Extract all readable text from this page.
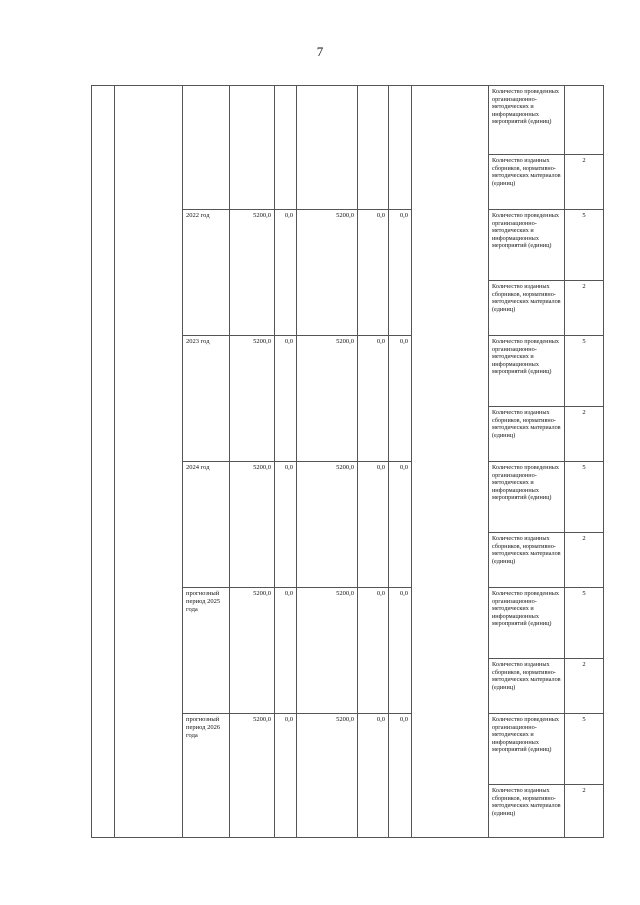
7
									Количество проведенных организационно-методических и информационных мероприятий (единиц)	
									Количество изданных сборников, нормативно-методических материалов (единиц)	2
		2022 год	5200,0	0,0	5200,0	0,0	0,0		Количество проведенных организационно-методических и информационных мероприятий (единиц)	5
									Количество изданных сборников, нормативно-методических материалов (единиц)	2
		2023 год	5200,0	0,0	5200,0	0,0	0,0		Количество проведенных организационно-методических и информационных мероприятий (единиц)	5
									Количество изданных сборников, нормативно-методических материалов (единиц)	2
		2024 год	5200,0	0,0	5200,0	0,0	0,0		Количество проведенных организационно-методических и информационных мероприятий (единиц)	5
									Количество изданных сборников, нормативно-методических материалов (единиц)	2
		прогнозный период 2025 года	5200,0	0,0	5200,0	0,0	0,0		Количество проведенных организационно-методических и информационных мероприятий (единиц)	5
									Количество изданных сборников, нормативно-методических материалов (единиц)	2
		прогнозный период 2026 года	5200,0	0,0	5200,0	0,0	0,0		Количество проведенных организационно-методических и информационных мероприятий (единиц)	5
									Количество изданных сборников, нормативно-методических материалов (единиц)	2
